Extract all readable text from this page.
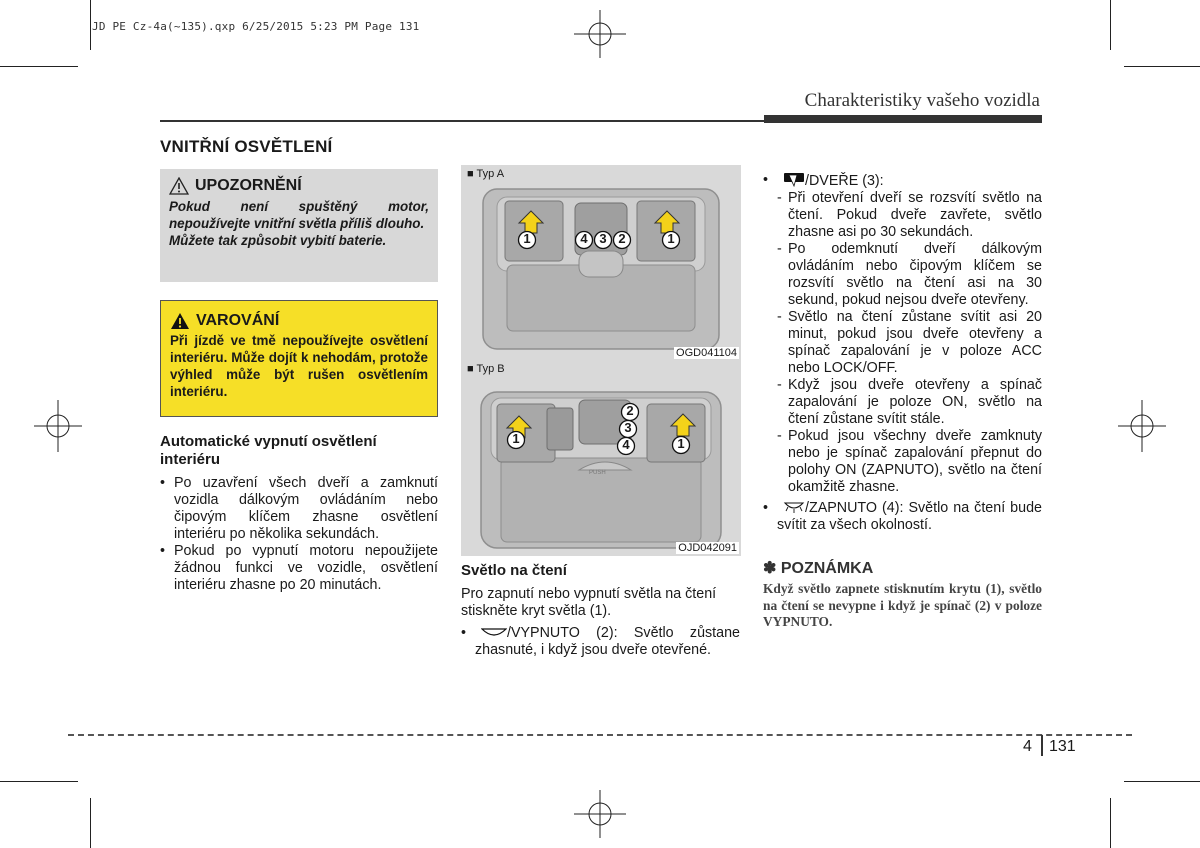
JD PE Cz-4a(~135).qxp 6/25/2015 5:23 PM Page 131
Charakteristiky vašeho vozidla
VNITŘNÍ OSVĚTLENÍ
UPOZORNĚNÍ

Pokud není spuštěný motor, nepoužívejte vnitřní světla příliš dlouho.

Můžete tak způsobit vybití baterie.

VAROVÁNÍ

Při jízdě ve tmě nepoužívejte osvětlení interiéru. Může dojít k nehodám, protože výhled může být rušen osvětlením interiéru.

Automatické vypnutí osvětlení interiéru
• Po uzavření všech dveří a zamknutí vozidla dálkovým ovládáním nebo čipovým klíčem zhasne osvětlení interiéru po několika sekundách.
• Pokud po vypnutí motoru nepoužijete žádnou funkci ve vozidle, osvětlení interiéru zhasne po 20 minutách.
■ Typ A
1	4 3 2	1
OGD041104
PUSH
■ Typ B
1
2
3
4	1
OJD042091
Světlo na čtení
Pro zapnutí nebo vypnutí světla na čtení stiskněte kryt světla (1).
•	/VYPNUTO (2): Světlo zůstane zhasnuté, i když jsou dveře otevřené.
•	/DVEŘE (3):
- Při otevření dveří se rozsvítí světlo na čtení. Pokud dveře zavřete, světlo zhasne asi po 30 sekundách.
- Po odemknutí dveří dálkovým ovládáním nebo čipovým klíčem se rozsvítí světlo na čtení asi na 30 sekund, pokud nejsou dveře otevřeny.
- Světlo na čtení zůstane svítit asi 20 minut, pokud jsou dveře otevřeny a spínač zapalování je v poloze ACC nebo LOCK/OFF.
- Když jsou dveře otevřeny a spínač zapalování je poloze ON, světlo na čtení zůstane svítit stále.
- Pokud jsou všechny dveře zamknuty nebo je spínač zapalování přepnut do polohy ON (ZAPNUTO), světlo na čtení okamžitě zhasne.
•	/ZAPNUTO (4): Světlo na čtení bude svítit za všech okolností.
✽ POZNÁMKA
Když světlo zapnete stisknutím krytu (1), světlo na čtení se nevypne i když je spínač (2) v poloze VYPNUTO.
4 131
